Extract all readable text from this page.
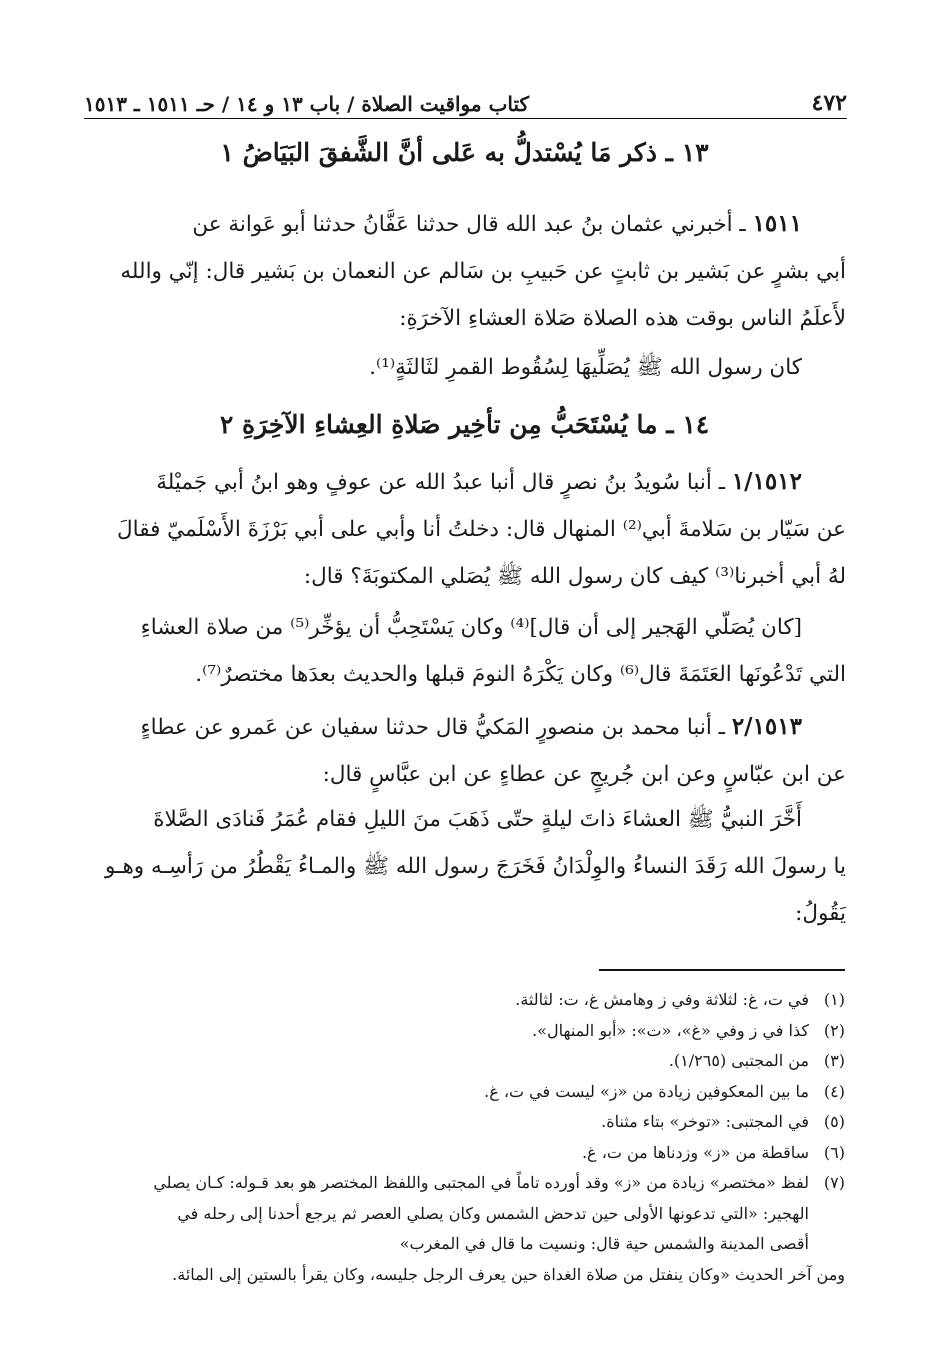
٤٧٢
كتاب مواقيت الصلاة / باب ١٣ و ١٤ / حـ ١٥١١ ـ ١٥١٣
١٣ ـ ذكر مَا يُسْتدلُّ به عَلى أنَّ الشَّفقَ البَيَاضُ ١
١٥١١ ـ أخبرني عثمان بنُ عبد الله قال حدثنا عَفَّانُ حدثنا أبو عَوانة عن
أبي بشرٍ عن بَشير بن ثابتٍ عن حَبيبِ بن سَالم عن النعمان بن بَشير قال: إنّي والله
لأَعلَمُ الناس بوقت هذه الصلاة صَلاة العشاءِ الآخرَةِ:
كان رسول الله ﷺ يُصَلِّيهَا لِسُقُوط القمرِ لثَالثَةٍ⁽¹⁾.
١٤ ـ ما يُسْتَحَبُّ مِن تأخِير صَلاةِ العِشاءِ الآخِرَةِ ٢
١/١٥١٢ ـ أنبا سُويدُ بنُ نصرٍ قال أنبا عبدُ الله عن عوفٍ وهو ابنُ أبي جَميْلةَ
عن سَيّار بن سَلامةَ أبي⁽²⁾ المنهال قال: دخلتُ أنا وأبي على أبي بَرْزَةَ الأَسْلَميّ فقالَ
لهُ أبي أخبرنا⁽³⁾ كيف كان رسول الله ﷺ يُصَلي المكتوبَةَ؟ قال:
[كان يُصَلّي الهَجير إلى أن قال]⁽⁴⁾ وكان يَسْتَحِبُّ أن يؤخِّر⁽⁵⁾ من صلاة العشاءِ
التي تَدْعُونَها العَتَمَةَ قال⁽⁶⁾ وكان يَكْرَهُ النومَ قبلها والحديث بعدَها مختصرٌ⁽⁷⁾.
٢/١٥١٣ ـ أنبا محمد بن منصورٍ المَكيُّ قال حدثنا سفيان عن عَمرو عن عطاءٍ
عن ابن عبّاسٍ وعن ابن جُريجٍ عن عطاءٍ عن ابن عبَّاسٍ قال:
أَخَّرَ النبيُّ ﷺ العشاءَ ذاتَ ليلةٍ حتّى ذَهَبَ منَ الليلِ فقام عُمَرُ فَنادَى الصَّلاةَ
يا رسولَ الله رَقَدَ النساءُ والوِلْدَانُ فَخَرَجَ رسول الله ﷺ والمـاءُ يَقْطُرُ من رَأسِـه وهـو
يَقُولُ:
(١)
في ت، غ: لثلاثة وفي ز وهامش غ، ت: لثالثة.
(٢)
كذا في ز وفي «غ»، «ت»: «أبو المنهال».
(٣)
من المجتبى (١/٢٦٥).
(٤)
ما بين المعكوفين زيادة من «ز» ليست في ت، غ.
(٥)
في المجتبى: «توخر» بتاء مثناة.
(٦)
ساقطة من «ز» وزدناها من ت، غ.
(٧)
لفظ «مختصر» زيادة من «ز» وقد أورده تاماً في المجتبى واللفظ المختصر هو بعد قـوله: كـان يصلي
الهجير: «التي تدعونها الأولى حين تدحض الشمس وكان يصلي العصر ثم يرجع أحدنا إلى رحله في
أقصى المدينة والشمس حية قال: ونسيت ما قال في المغرب»
ومن آخر الحديث «وكان ينفتل من صلاة الغداة حين يعرف الرجل جليسه، وكان يقرأ بالستين إلى المائة.
